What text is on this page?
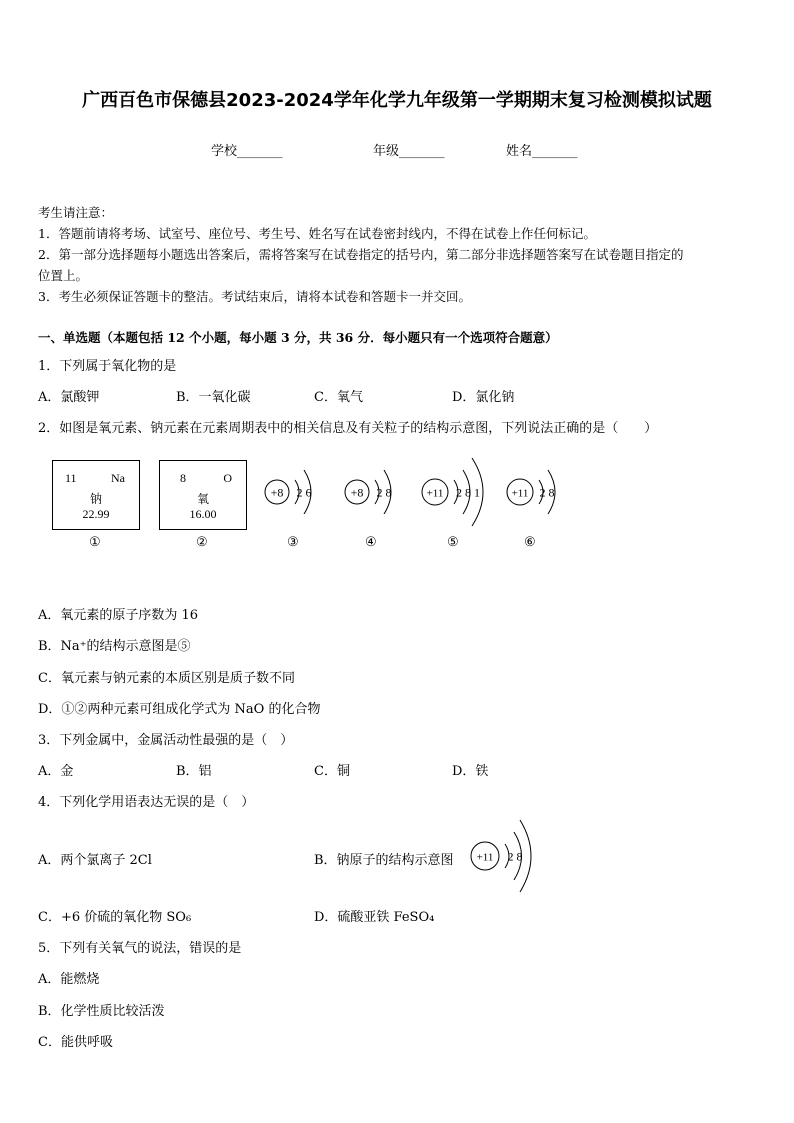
广西百色市保德县2023-2024学年化学九年级第一学期期末复习检测模拟试题
学校_______	年级_______	姓名_______
考生请注意：
1．答题前请将考场、试室号、座位号、考生号、姓名写在试卷密封线内，不得在试卷上作任何标记。
2．第一部分选择题每小题选出答案后，需将答案写在试卷指定的括号内，第二部分非选择题答案写在试卷题目指定的
位置上。
3．考生必须保证答题卡的整洁。考试结束后，请将本试卷和答题卡一并交回。
一、单选题（本题包括 12 个小题，每小题 3 分，共 36 分．每小题只有一个选项符合题意）
1．下列属于氧化物的是
A．氯酸钾	B．一氧化碳	C．氧气	D．氯化钠
2．如图是氧元素、钠元素在元素周期表中的相关信息及有关粒子的结构示意图，下列说法正确的是（　　）
11	Na
钠
22.99
8	O
氧
16.00
+8 2 6	+8 2 8	+11 2 8 1	+11 2 8
①	②	③	④	⑤	⑥
A．氧元素的原子序数为 16
B．Na⁺的结构示意图是⑤
C．氧元素与钠元素的本质区别是质子数不同
D．①②两种元素可组成化学式为 NaO 的化合物
3．下列金属中，金属活动性最强的是（　）
A．金	B．铝	C．铜	D．铁
4．下列化学用语表达无误的是（　）
A．两个氯离子 2Cl	B．钠原子的结构示意图 +11 2 8
C．+6 价硫的氧化物 SO₆	D．硫酸亚铁 FeSO₄
5．下列有关氧气的说法，错误的是
A．能燃烧
B．化学性质比较活泼
C．能供呼吸
